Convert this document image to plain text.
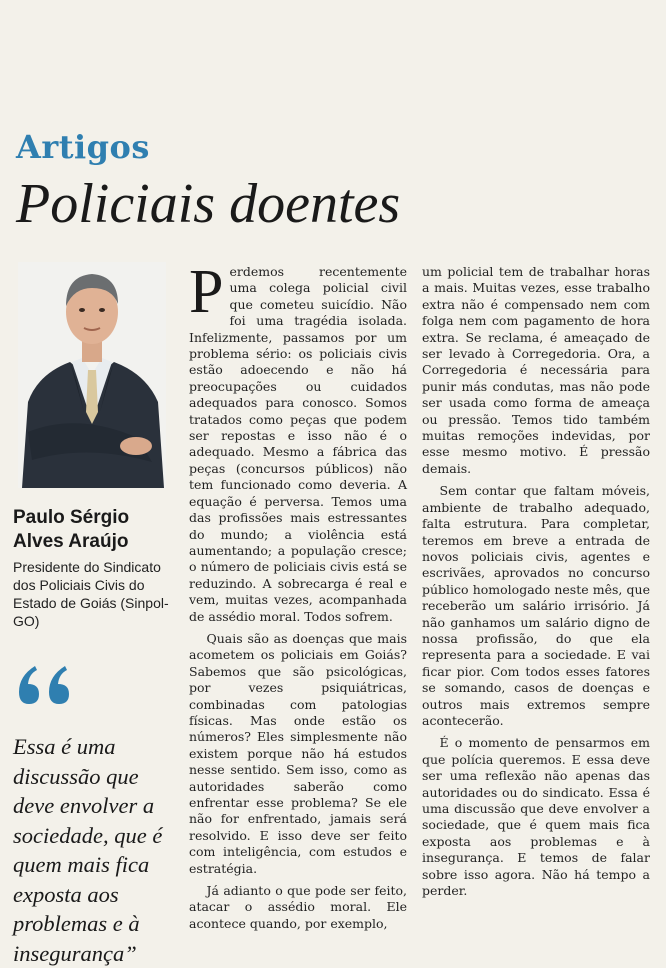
Artigos
Policiais doentes
Paulo Sérgio Alves Araújo
Presidente do Sindicato dos Policiais Civis do Estado de Goiás (Sinpol-GO)
Essa é uma discussão que deve envolver a sociedade, que é quem mais fica exposta aos problemas e à insegurança”

Perdemos recentemente uma colega policial civil que cometeu suicídio. Não foi uma tragédia isolada. Infelizmente, passamos por um problema sério: os policiais civis estão adoecendo e não há preocupações ou cuidados adequados para conosco. Somos tratados como peças que podem ser repostas e isso não é o adequado. Mesmo a fábrica das peças (concursos públicos) não tem funcionado como deveria. A equação é perversa. Temos uma das profissões mais estressantes do mundo; a violência está aumentando; a população cresce; o número de policiais civis está se reduzindo. A sobrecarga é real e vem, muitas vezes, acompanhada de assédio moral. Todos sofrem.

Quais são as doenças que mais acometem os policiais em Goiás? Sabemos que são psicológicas, por vezes psiquiátricas, combinadas com patologias físicas. Mas onde estão os números? Eles simplesmente não existem porque não há estudos nesse sentido. Sem isso, como as autoridades saberão como enfrentar esse problema? Se ele não for enfrentado, jamais será resolvido. E isso deve ser feito com inteligência, com estudos e estratégia.

Já adianto o que pode ser feito, atacar o assédio moral. Ele acontece quando, por exemplo,

um policial tem de trabalhar horas a mais. Muitas vezes, esse trabalho extra não é compensado nem com folga nem com pagamento de hora extra. Se reclama, é ameaçado de ser levado à Corregedoria. Ora, a Corregedoria é necessária para punir más condutas, mas não pode ser usada como forma de ameaça ou pressão. Temos tido também muitas remoções indevidas, por esse mesmo motivo. É pressão demais.

Sem contar que faltam móveis, ambiente de trabalho adequado, falta estrutura. Para completar, teremos em breve a entrada de novos policiais civis, agentes e escrivães, aprovados no concurso público homologado neste mês, que receberão um salário irrisório. Já não ganhamos um salário digno de nossa profissão, do que ela representa para a sociedade. E vai ficar pior. Com todos esses fatores se somando, casos de doenças e outros mais extremos sempre acontecerão.

É o momento de pensarmos em que polícia queremos. E essa deve ser uma reflexão não apenas das autoridades ou do sindicato. Essa é uma discussão que deve envolver a sociedade, que é quem mais fica exposta aos problemas e à insegurança. E temos de falar sobre isso agora. Não há tempo a perder.
